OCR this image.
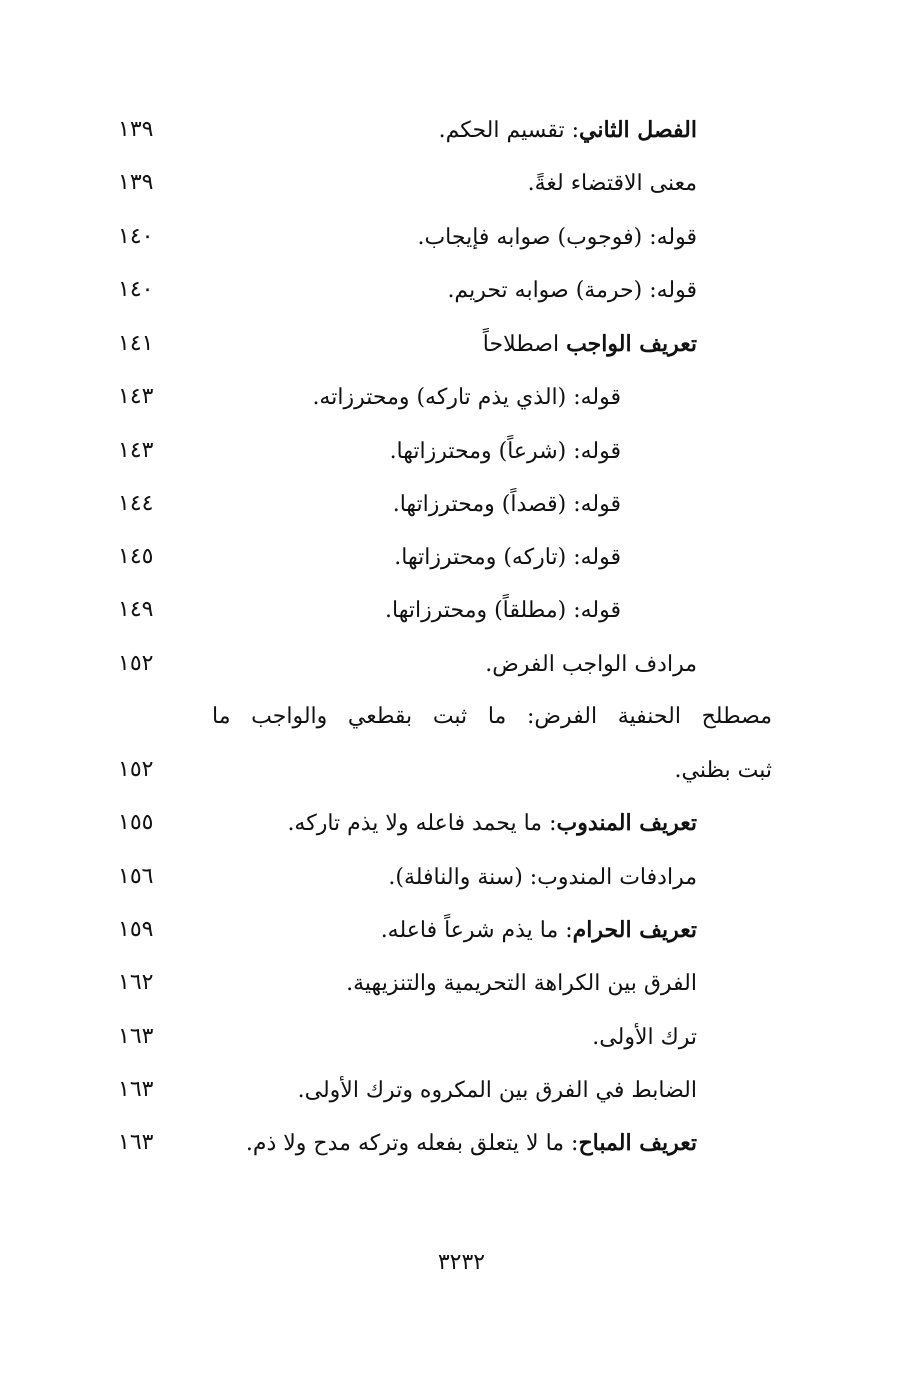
الفصل الثاني: تقسيم الحكم.
١٣٩
معنى الاقتضاء لغةً.
١٣٩
قوله: (فوجوب) صوابه فإيجاب.
١٤٠
قوله: (حرمة) صوابه تحريم.
١٤٠
تعريف الواجب اصطلاحاً
١٤١
قوله: (الذي يذم تاركه) ومحترزاته.
١٤٣
قوله: (شرعاً) ومحترزاتها.
١٤٣
قوله: (قصداً) ومحترزاتها.
١٤٤
قوله: (تاركه) ومحترزاتها.
١٤٥
قوله: (مطلقاً) ومحترزاتها.
١٤٩
مرادف الواجب الفرض.
١٥٢
مصطلح الحنفية الفرض: ما ثبت بقطعي والواجب ما
ثبت بظني.
١٥٢
تعريف المندوب: ما يحمد فاعله ولا يذم تاركه.
١٥٥
مرادفات المندوب: (سنة والنافلة).
١٥٦
تعريف الحرام: ما يذم شرعاً فاعله.
١٥٩
الفرق بين الكراهة التحريمية والتنزيهية.
١٦٢
ترك الأولى.
١٦٣
الضابط في الفرق بين المكروه وترك الأولى.
١٦٣
تعريف المباح: ما لا يتعلق بفعله وتركه مدح ولا ذم.
١٦٣
٣٢٣٢
